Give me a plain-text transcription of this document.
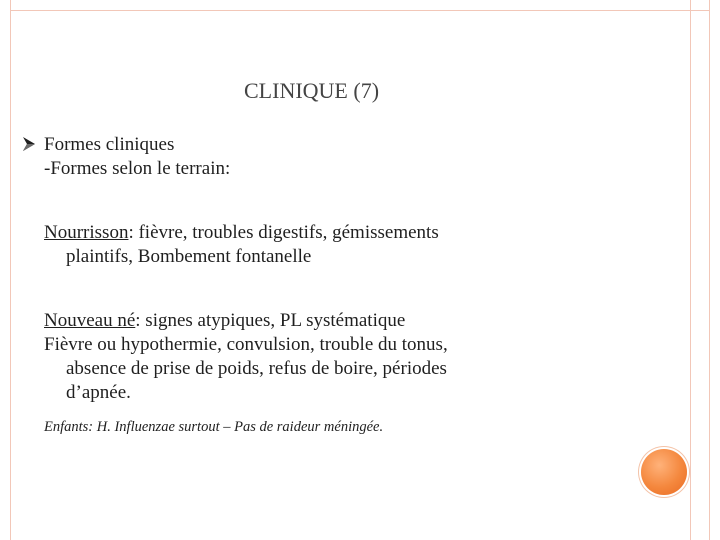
CLINIQUE (7)
Formes cliniques
-Formes selon le terrain:
Nourrisson: fièvre, troubles digestifs, gémissements
plaintifs, Bombement fontanelle
Nouveau né: signes atypiques, PL systématique
Fièvre ou hypothermie, convulsion, trouble du tonus,
absence de prise de poids, refus de boire, périodes
d’apnée.
Enfants: H. Influenzae surtout – Pas de raideur méningée.
